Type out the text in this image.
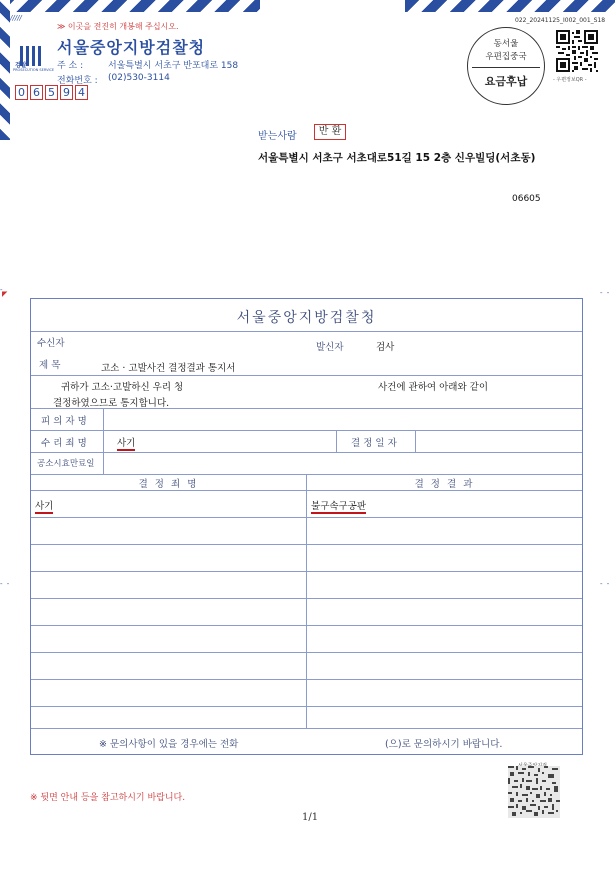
/////
≫ 이곳을 전진히 개봉해 주십시오.
검찰
PROSECUTION SERVICE
서울중앙지방검찰청
주 소 :	서울특별시 서초구 반포대로 158
전화번호 : (02)530-3114
0 6 5 9 4
022_20241125_I002_001_S18
동서울
우편집중국
요금후납	- 우편정보QR -
받는사람	반 환
서울특별시 서초구 서초대로51길 15 2층 신우빌딩(서초동)
06605
-
◤	- -
- -	- -
서울중앙지방검찰청
수신자	발신자	검사
제 목	고소 · 고발사건 결정결과 통지서
귀하가 고소·고발하신 우리 청	사건에 관하여 아래와 같이
결정하였으므로 통지합니다.
피 의 자 명
수 리 죄 명	사기	결 정 일 자
공소시효만료일
결 정 죄 명	결 정 결 과
사기	불구속구공판
※ 문의사항이 있을 경우에는 전화	(으)로 문의하시기 바랍니다.
※ 뒷면 안내 등을 참고하시기 바랍니다.
1/1
